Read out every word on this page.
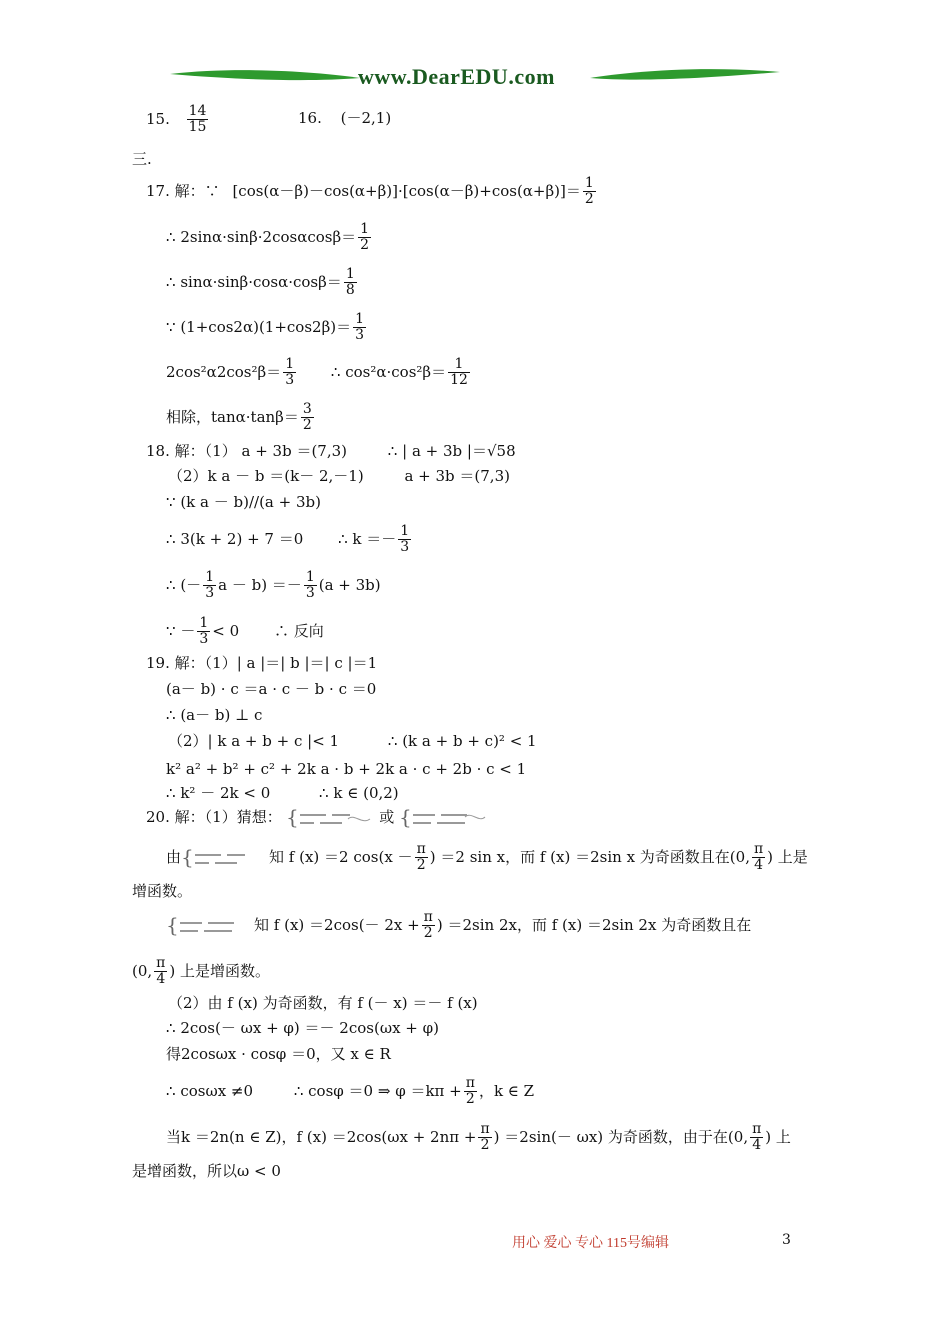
www.DearEDU.com
15. $\frac{14}{15}$	16. (－2,1)
三.
17. 解：∵ $[\cos(\alpha-\beta)-\cos(\alpha+\beta)]\cdot[\cos(\alpha-\beta)+\cos(\alpha+\beta)]= \frac{1}{2}$
∴ $2\sin\alpha\cdot\sin\beta\cdot 2\cos\alpha\cos\beta= \frac{1}{2}$
∴ $\sin\alpha\cdot\sin\beta\cdot\cos\alpha\cdot\cos\beta= \frac{1}{8}$
∵ $(1+\cos 2\alpha)(1+\cos 2\beta)= \frac{1}{3}$
$2\cos^2\alpha 2\cos^2\beta= \frac{1}{3}$ ∴ $\cos^2\alpha\cdot\cos^2\beta= \frac{1}{12}$
相除，$\tan\alpha\cdot\tan\beta= \frac{3}{2}$
18. 解：（1） a + 3b ＝(7,3)	∴ | a + 3b |＝√58
（2）k a － b ＝(k－ 2,－1)	a + 3b ＝(7,3)
∵ (k a － b)//(a + 3b)
∴ 3(k + 2) + 7 ＝0 ∴ $k =- \frac{1}{3}$
∴ (－ $\frac{1}{3}$ $a - b) =- \frac{1}{3} (a + 3b)$
∵ － $\frac{1}{3} < 0$ ∴ 反向
19. 解：（1）| a |＝| b |＝| c |＝1
(a－ b) · c ＝a · c － b · c ＝0
∴ (a－ b) ⊥ c
（2）| k a + b + c |< 1	∴ (k a + b + c)² < 1
k² a² + b² + c² + 2k a · b + 2k a · c + 2b · c < 1
∴ k² － 2k < 0	∴ k ∈ (0,2)
20. 解：（1）猜想： {	或 {
由 {	知 f (x) ＝2 $\cos(x - \frac{\pi}{2}$ ) ＝2 sin x，而 f (x) ＝2sin x 为奇函数且在(0, $\frac{\pi}{4}$ ) 上是
增函数。
{	知 f $(x) =2\cos(- 2x + \frac{\pi}{2}$ ) ＝2sin 2x，而 f (x) ＝2sin 2x 为奇函数且在
(0, $\frac{\pi}{4}$ ) 上是增函数。
（2）由 f (x) 为奇函数，有 f (－ x) ＝－ f (x)
∴ 2cos(－ ωx + φ) ＝－ 2cos(ωx + φ)
得2cosωx · cosφ ＝0，又 x ∈ R
∴ cosωx ≠0	∴ cosφ ＝0 ⇒ $\varphi =k\pi + \frac{\pi}{2}$ ，k ∈ Z
当k ＝2n(n ∈ Z)，f $(x) =2\cos(\omega x + 2n\pi + \frac{\pi}{2}$ ) ＝2sin(－ ωx) 为奇函数，由于在(0, $\frac{\pi}{4}$ ) 上
是增函数，所以ω < 0
用心 爱心 专心 115号编辑	3
